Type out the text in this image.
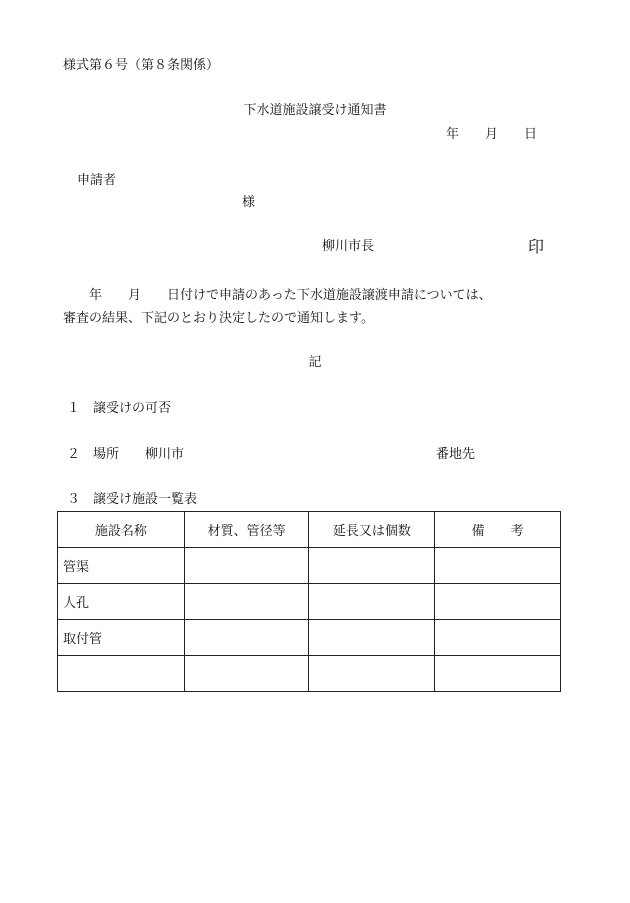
様式第６号（第８条関係）
下水道施設譲受け通知書
年　　月　　日
申請者
様
柳川市長	印
　　年　　月　　日付けで申請のあった下水道施設譲渡申請については、
審査の結果、下記のとおり決定したので通知します。
記
１　譲受けの可否
２　場所　　柳川市	番地先
３　譲受け施設一覧表
施設名称	材質、管径等	延長又は個数	備　　考
管渠			
人孔			
取付管			
